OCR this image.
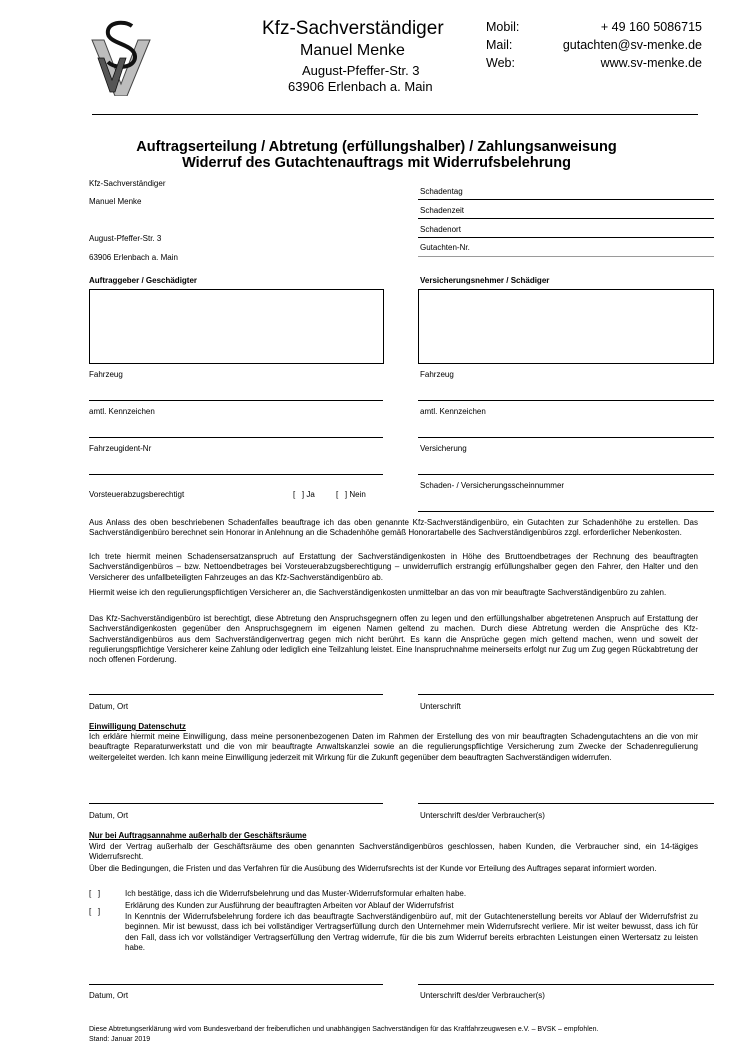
Kfz-Sachverständiger
Manuel Menke
August-Pfeffer-Str. 3
63906 Erlenbach a. Main
Mobil:	+ 49 160 5086715
Mail:	gutachten@sv-menke.de
Web:	www.sv-menke.de
Auftragserteilung / Abtretung (erfüllungshalber) / Zahlungsanweisung
Widerruf des Gutachtenauftrags mit Widerrufsbelehrung
Kfz-Sachverständiger
Manuel Menke
August-Pfeffer-Str. 3
63906 Erlenbach a. Main
Schadentag
Schadenzeit
Schadenort
Gutachten-Nr.
Auftraggeber / Geschädigter
Fahrzeug
amtl. Kennzeichen
Fahrzeugident-Nr
Vorsteuerabzugsberechtigt	[   ] Ja	[   ] Nein
Versicherungsnehmer / Schädiger
Fahrzeug
amtl. Kennzeichen
Versicherung
Schaden- / Versicherungsscheinnummer
Aus Anlass des oben beschriebenen Schadenfalles beauftrage ich das oben genannte Kfz-Sachverständigenbüro, ein Gutachten zur Schadenhöhe zu erstellen. Das Sachverständigenbüro berechnet sein Honorar in Anlehnung an die Schadenhöhe gemäß Honorartabelle des Sachverständigenbüros zzgl. erforderlicher Nebenkosten.
Ich trete hiermit meinen Schadensersatzanspruch auf Erstattung der Sachverständigenkosten in Höhe des Bruttoendbetrages der Rechnung des beauftragten Sachverständigenbüros – bzw. Nettoendbetrages bei Vorsteuerabzugsberechtigung – unwiderruflich erstrangig erfüllungshalber gegen den Fahrer, den Halter und den Versicherer des unfallbeteiligten Fahrzeuges an das Kfz-Sachverständigenbüro ab.
Hiermit weise ich den regulierungspflichtigen Versicherer an, die Sachverständigenkosten unmittelbar an das von mir beauftragte Sachverständigenbüro zu zahlen.
Das Kfz-Sachverständigenbüro ist berechtigt, diese Abtretung den Anspruchsgegnern offen zu legen und den erfüllungshalber abgetretenen Anspruch auf Erstattung der Sachverständigenkosten gegenüber den Anspruchsgegnern im eigenen Namen geltend zu machen. Durch diese Abtretung werden die Ansprüche des Kfz-Sachverständigenbüros aus dem Sachverständigenvertrag gegen mich nicht berührt. Es kann die Ansprüche gegen mich geltend machen, wenn und soweit der regulierungspflichtige Versicherer keine Zahlung oder lediglich eine Teilzahlung leistet. Eine Inanspruchnahme meinerseits erfolgt nur Zug um Zug gegen Rückabtretung der noch offenen Forderung.
Datum, Ort	Unterschrift
Einwilligung Datenschutz
Ich erkläre hiermit meine Einwilligung, dass meine personenbezogenen Daten im Rahmen der Erstellung des von mir beauftragten Schadengutachtens an die von mir beauftragte Reparaturwerkstatt und die von mir beauftragte Anwaltskanzlei sowie an die regulierungspflichtige Versicherung zum Zwecke der Schadenregulierung weitergeleitet werden. Ich kann meine Einwilligung jederzeit mit Wirkung für die Zukunft gegenüber dem beauftragten Sachverständigen widerrufen.
Datum, Ort	Unterschrift des/der Verbraucher(s)
Nur bei Auftragsannahme außerhalb der Geschäftsräume
Wird der Vertrag außerhalb der Geschäftsräume des oben genannten Sachverständigenbüros geschlossen, haben Kunden, die Verbraucher sind, ein 14-tägiges Widerrufsrecht.
Über die Bedingungen, die Fristen und das Verfahren für die Ausübung des Widerrufsrechts ist der Kunde vor Erteilung des Auftrages separat informiert worden.
[   ]	Ich bestätige, dass ich die Widerrufsbelehrung und das Muster-Widerrufsformular erhalten habe.
[   ]
Erklärung des Kunden zur Ausführung der beauftragten Arbeiten vor Ablauf der Widerrufsfrist
In Kenntnis der Widerrufsbelehrung fordere ich das beauftragte Sachverständigenbüro auf, mit der Gutachtenerstellung bereits vor Ablauf der Widerrufsfrist zu beginnen. Mir ist bewusst, dass ich bei vollständiger Vertragserfüllung durch den Unternehmer mein Widerrufsrecht verliere. Mir ist weiter bewusst, dass ich für den Fall, dass ich vor vollständiger Vertragserfüllung den Vertrag widerrufe, für die bis zum Widerruf bereits erbrachten Leistungen einen Wertersatz zu leisten habe.
Datum, Ort	Unterschrift des/der Verbraucher(s)
Diese Abtretungserklärung wird vom Bundesverband der freiberuflichen und unabhängigen Sachverständigen für das Kraftfahrzeugwesen e.V. – BVSK – empfohlen.
Stand: Januar 2019
